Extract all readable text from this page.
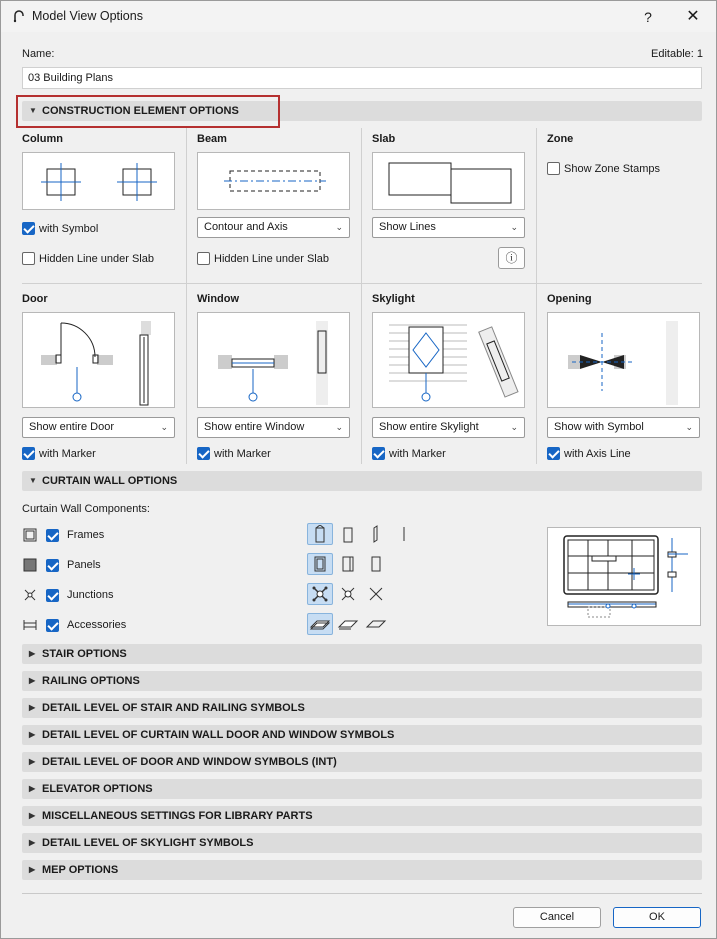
Model View Options	?	✕
Name:	Editable: 1
03 Building Plans
▼ CONSTRUCTION ELEMENT OPTIONS
Column
with Symbol
Hidden Line under Slab
Beam
Contour and Axis	⌄
Hidden Line under Slab
Slab
Show Lines	⌄
ⓘ
Zone
Show Zone Stamps
Door
Show entire Door	⌄
with Marker
Window
Show entire Window	⌄
with Marker
Skylight
Show entire Skylight	⌄
with Marker
Opening
Show with Symbol	⌄
with Axis Line
▼ CURTAIN WALL OPTIONS
Curtain Wall Components:
Frames
Panels
Junctions
Accessories
▶ STAIR OPTIONS
▶ RAILING OPTIONS
▶ DETAIL LEVEL OF STAIR AND RAILING SYMBOLS
▶ DETAIL LEVEL OF CURTAIN WALL DOOR AND WINDOW SYMBOLS
▶ DETAIL LEVEL OF DOOR AND WINDOW SYMBOLS (INT)
▶ ELEVATOR OPTIONS
▶ MISCELLANEOUS SETTINGS FOR LIBRARY PARTS
▶ DETAIL LEVEL OF SKYLIGHT SYMBOLS
▶ MEP OPTIONS
Cancel	OK
